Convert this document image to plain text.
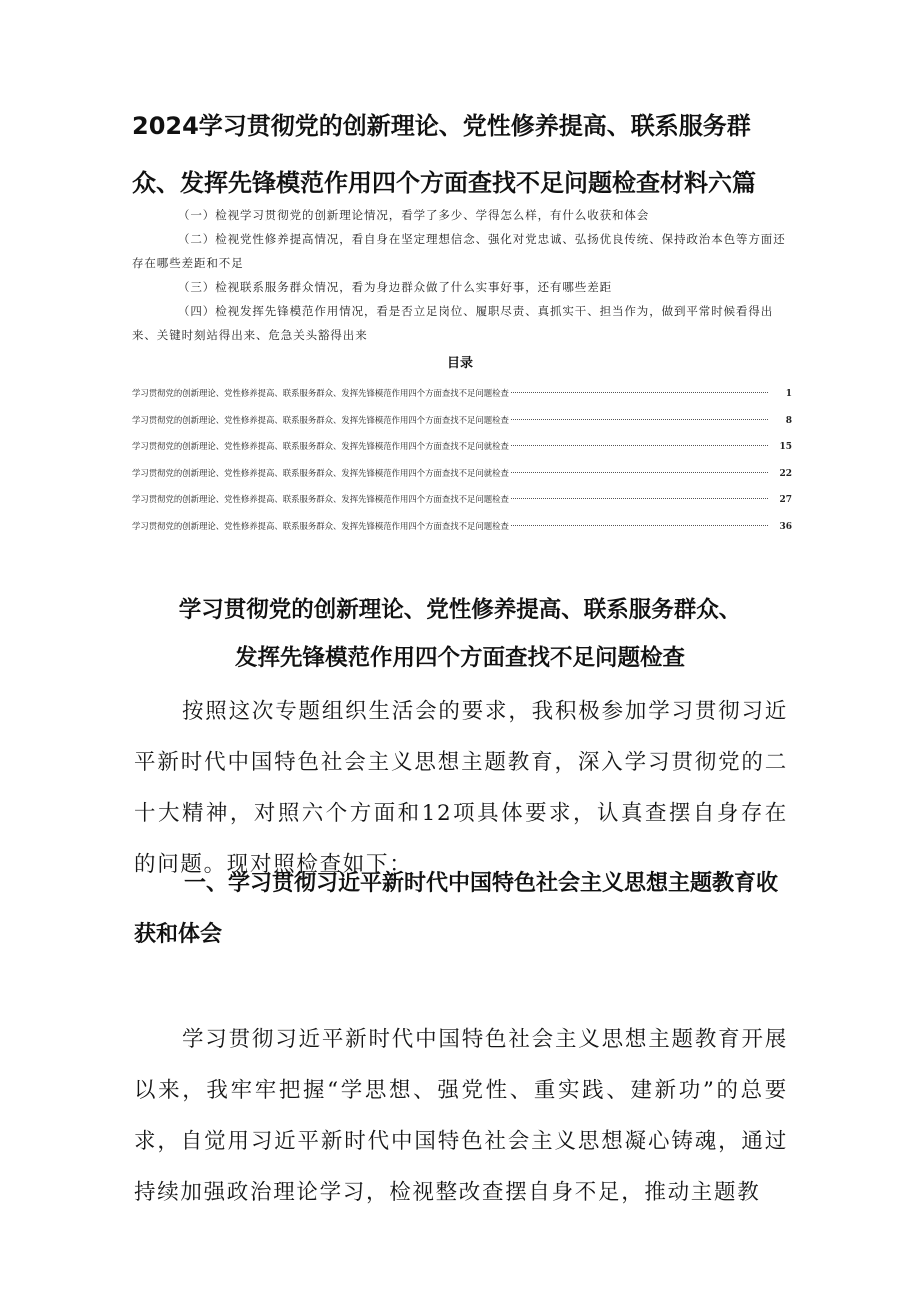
2024学习贯彻党的创新理论、党性修养提高、联系服务群
众、发挥先锋模范作用四个方面查找不足问题检查材料六篇

（一）检视学习贯彻党的创新理论情况，看学了多少、学得怎么样，有什么收获和体会

（二）检视党性修养提高情况，看自身在坚定理想信念、强化对党忠诚、弘扬优良传统、保持政治本色等方面还存在哪些差距和不足

（三）检视联系服务群众情况，看为身边群众做了什么实事好事，还有哪些差距

（四）检视发挥先锋模范作用情况，看是否立足岗位、履职尽责、真抓实干、担当作为，做到平常时候看得出来、关键时刻站得出来、危急关头豁得出来

目录
学习贯彻党的创新理论、党性修养提高、联系服务群众、发挥先锋模范作用四个方面查找不足问题检查	1
学习贯彻党的创新理论、党性修养提高、联系服务群众、发挥先锋模范作用四个方面查找不足问题检查	8
学习贯彻党的创新理论、党性修养提高、联系服务群众、发挥先锋模范作用四个方面查找不足问就检查	15
学习贯彻党的创新理论、党性修养提高、联系服务群众、发挥先锋模范作用四个方面查找不足问就检查	22
学习贯彻党的创新理论、党性修养提高、联系服务群众、发挥先锋模范作用四个方面查找不足问题检查	27
学习贯彻党的创新理论、党性修养提高、联系服务群众、发挥先锋模范作用四个方面查找不足问题检查	36
学习贯彻党的创新理论、党性修养提高、联系服务群众、
发挥先锋模范作用四个方面查找不足问题检查

按照这次专题组织生活会的要求，我积极参加学习贯彻习近平新时代中国特色社会主义思想主题教育，深入学习贯彻党的二十大精神，对照六个方面和12项具体要求，认真查摆自身存在的问题。现对照检查如下：

一、学习贯彻习近平新时代中国特色社会主义思想主题教育收获和体会

学习贯彻习近平新时代中国特色社会主义思想主题教育开展以来，我牢牢把握“学思想、强党性、重实践、建新功”的总要求，自觉用习近平新时代中国特色社会主义思想凝心铸魂，通过持续加强政治理论学习，检视整改查摆自身不足，推动主题教
